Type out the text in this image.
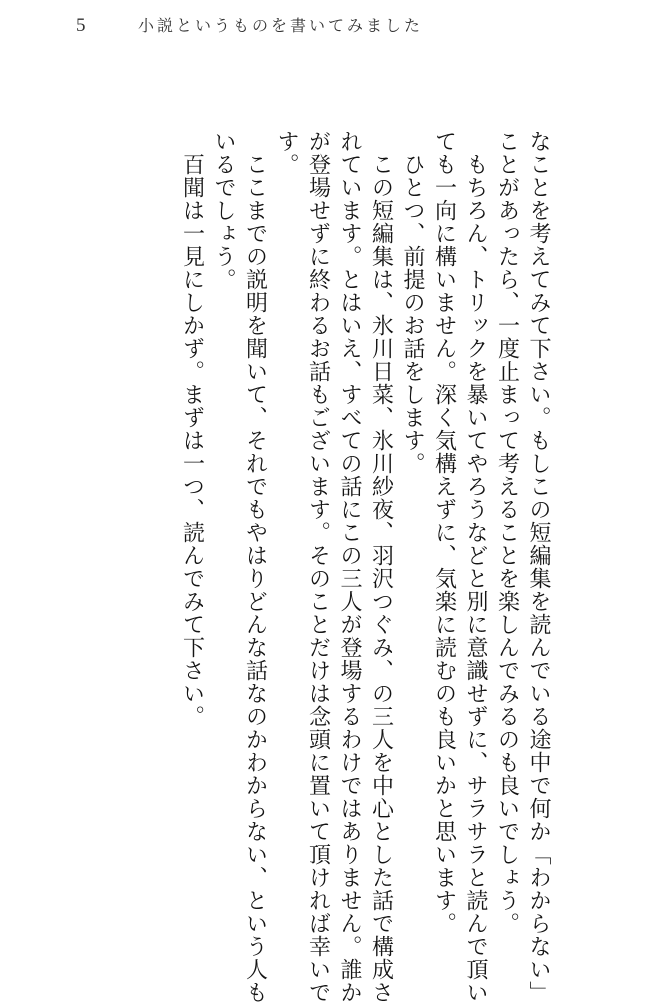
5	小説というものを書いてみました

なことを考えてみて下さい。もしこの短編集を読んでいる途中で何か「わからない」
ことがあったら、一度止まって考えることを楽しんでみるのも良いでしょう。

　もちろん、トリックを暴いてやろうなどと別に意識せずに、サラサラと読んで頂い
ても一向に構いません。深く気構えずに、気楽に読むのも良いかと思います。

　ひとつ、前提のお話をします。
　この短編集は、氷川日菜、氷川紗夜、羽沢つぐみ、の三人を中心とした話で構成さ
れています。とはいえ、すべての話にこの三人が登場するわけではありません。誰か
が登場せずに終わるお話もございます。そのことだけは念頭に置いて頂ければ幸いで
す。

　ここまでの説明を聞いて、それでもやはりどんな話なのかわからない、という人も
いるでしょう。
　百聞は一見にしかず。まずは一つ、読んでみて下さい。
